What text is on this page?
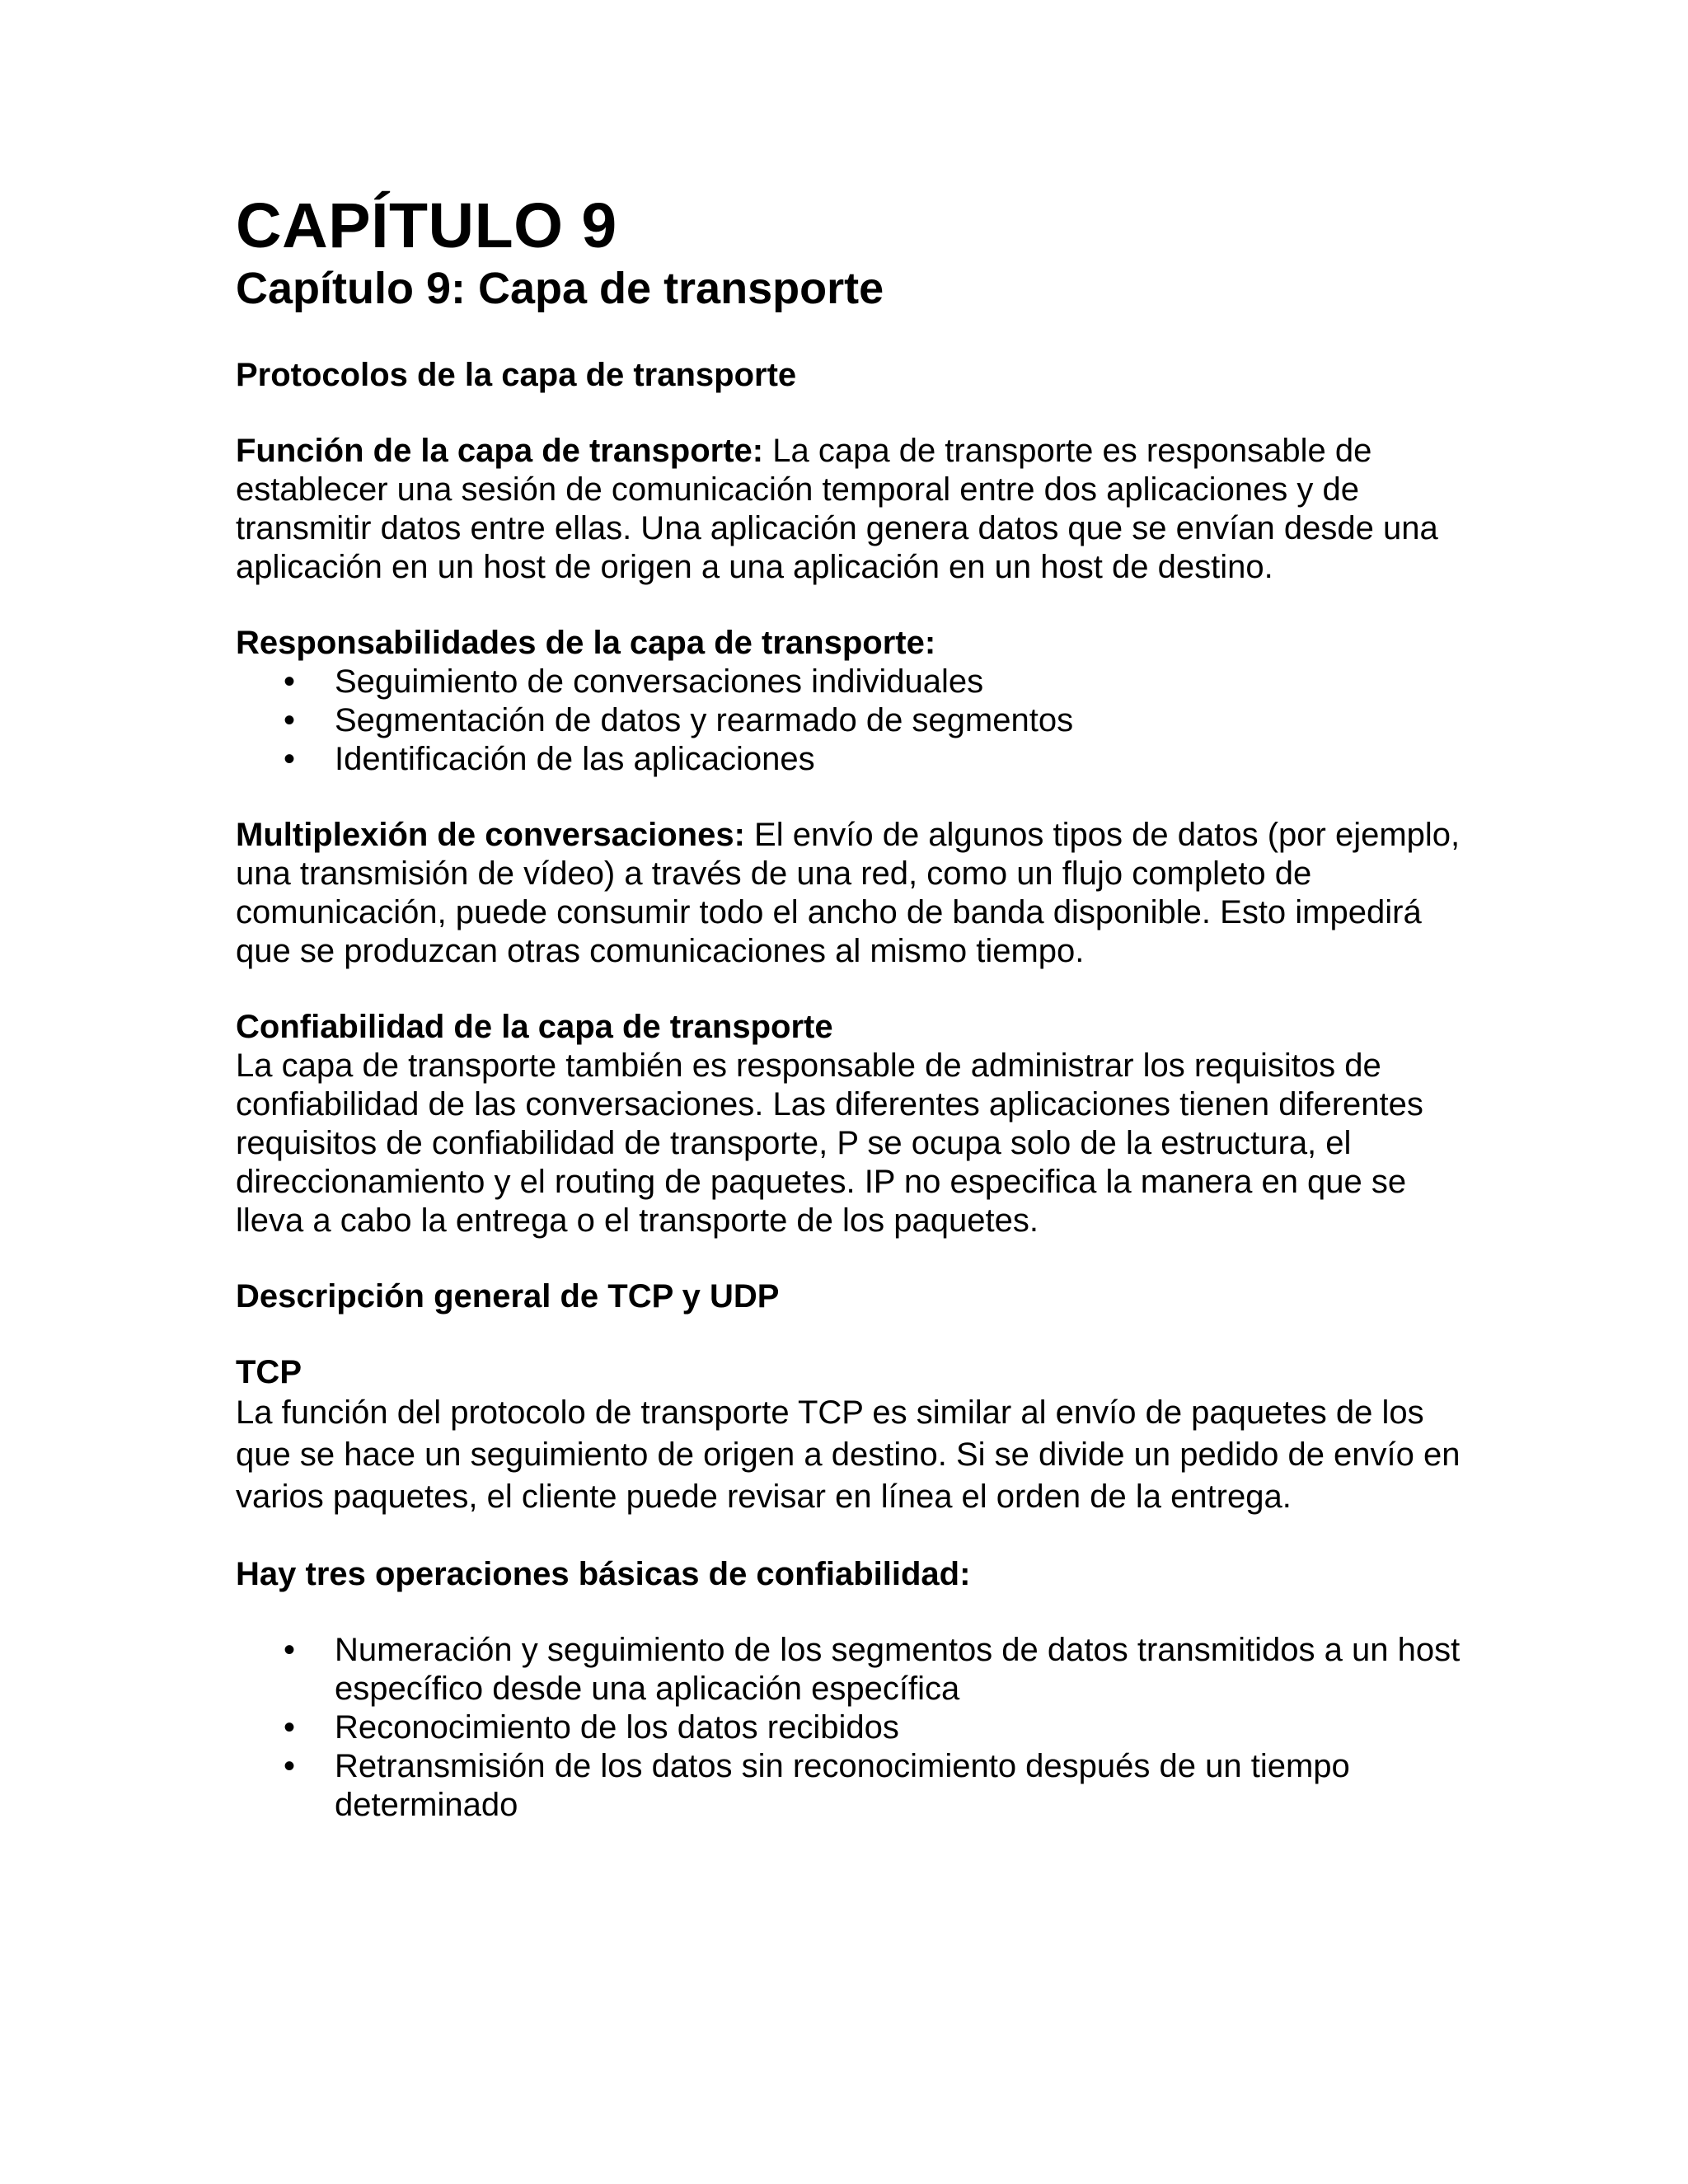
CAPÍTULO 9
Capítulo 9: Capa de transporte
Protocolos de la capa de transporte

Función de la capa de transporte: La capa de transporte es responsable de establecer una sesión de comunicación temporal entre dos aplicaciones y de transmitir datos entre ellas. Una aplicación genera datos que se envían desde una aplicación en un host de origen a una aplicación en un host de destino.

Responsabilidades de la capa de transporte:
• Seguimiento de conversaciones individuales
• Segmentación de datos y rearmado de segmentos
• Identificación de las aplicaciones

Multiplexión de conversaciones: El envío de algunos tipos de datos (por ejemplo, una transmisión de vídeo) a través de una red, como un flujo completo de comunicación, puede consumir todo el ancho de banda disponible. Esto impedirá que se produzcan otras comunicaciones al mismo tiempo.

Confiabilidad de la capa de transporte

La capa de transporte también es responsable de administrar los requisitos de confiabilidad de las conversaciones. Las diferentes aplicaciones tienen diferentes requisitos de confiabilidad de transporte, P se ocupa solo de la estructura, el direccionamiento y el routing de paquetes. IP no especifica la manera en que se lleva a cabo la entrega o el transporte de los paquetes.

Descripción general de TCP y UDP
TCP

La función del protocolo de transporte TCP es similar al envío de paquetes de los que se hace un seguimiento de origen a destino. Si se divide un pedido de envío en varios paquetes, el cliente puede revisar en línea el orden de la entrega.

Hay tres operaciones básicas de confiabilidad:
• Numeración y seguimiento de los segmentos de datos transmitidos a un host específico desde una aplicación específica
• Reconocimiento de los datos recibidos
• Retransmisión de los datos sin reconocimiento después de un tiempo determinado
